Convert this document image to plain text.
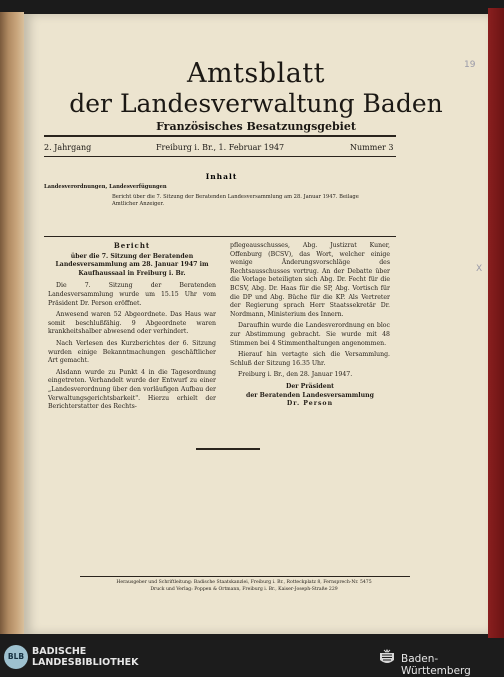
Amtsblatt
der Landesverwaltung Baden
Französisches Besatzungsgebiet
2. Jahrgang	Freiburg i. Br., 1. Februar 1947	Nummer 3
Inhalt
Landesverordnungen, Landesverfügungen
Bericht über die 7. Sitzung der Beratenden Landesversammlung am 28. Januar 1947. Beilage Amtlicher Anzeiger.
Bericht
über die 7. Sitzung der Beratenden Landesversammlung am 28. Januar 1947 im Kaufhaussaal in Freiburg i. Br.

Die 7. Sitzung der Beratenden Landesversammlung wurde um 15.15 Uhr vom Präsident Dr. Person eröffnet.

Anwesend waren 52 Abgeordnete. Das Haus war somit beschlußfähig. 9 Abgeordnete waren krankheitshalber abwesend oder verhindert.

Nach Verlesen des Kurzberichtes der 6. Sitzung wurden einige Bekanntmachungen geschäftlicher Art gemacht.

Alsdann wurde zu Punkt 4 in die Tagesordnung eingetreten. Verhandelt wurde der Entwurf zu einer „Landesverordnung über den vorläufigen Aufbau der Verwaltungsgerichtsbarkeit". Hierzu erhielt der Berichterstatter des Rechts-

pflegeausschusses, Abg. Justizrat Kuner, Offenburg (BCSV), das Wort, welcher einige wenige Änderungsvorschläge des Rechtsausschusses vortrug. An der Debatte über die Vorlage beteiligten sich Abg. Dr. Fecht für die BCSV, Abg. Dr. Haas für die SP, Abg. Vortisch für die DP und Abg. Büche für die KP. Als Vertreter der Regierung sprach Herr Staatssekretär Dr. Nordmann, Ministerium des Innern.

Daraufhin wurde die Landesverordnung en bloc zur Abstimmung gebracht. Sie wurde mit 48 Stimmen bei 4 Stimmenthaltungen angenommen.

Hierauf hin vertagte sich die Versammlung. Schluß der Sitzung 16.35 Uhr.

Freiburg i. Br., den 28. Januar 1947.

Der Präsident
der Beratenden Landesversammlung
Dr. Person
Herausgeber und Schriftleitung: Badische Staatskanzlei, Freiburg i. Br., Rotteckplatz 8, Fernsprech-Nr. 5475
Druck und Verlag: Poppen & Ortmann, Freiburg i. Br., Kaiser-Joseph-Straße 229
19
X
BLB BADISCHE
LANDESBIBLIOTHEK	Baden-Württemberg
